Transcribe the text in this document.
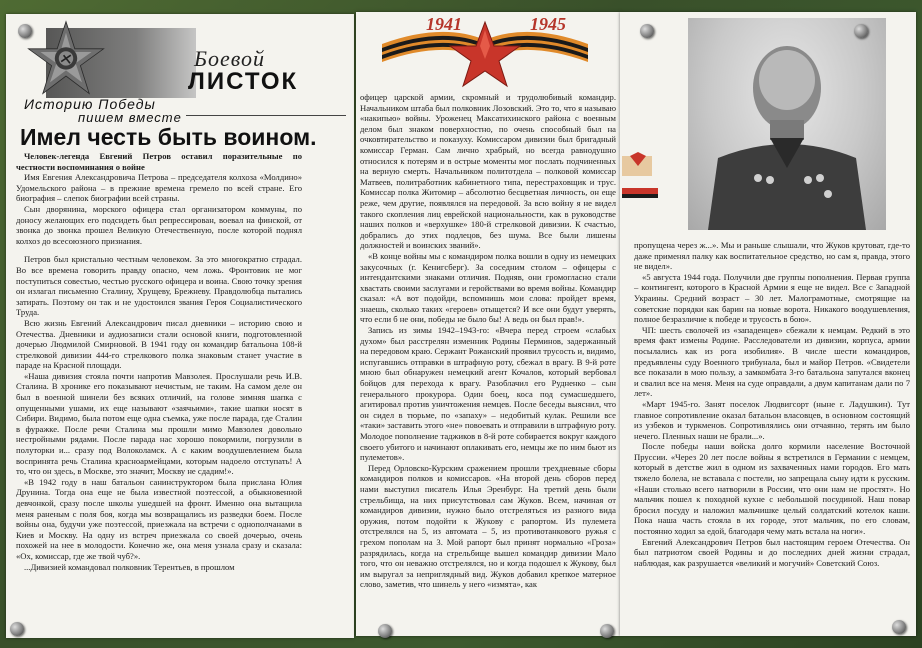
Боевой
ЛИСТОК
Историю Победы
пишем вместе
Имел честь быть воином.

Человек-легенда Евгений Петров оставил поразительные по честности воспоминания о войне

Имя Евгения Александровича Петрова – председателя колхоза «Молдино» Удомельского района – в прежние времена гремело по всей стране. Его биография – слепок биографии всей страны.

Сын дворянина, морского офицера стал организатором коммуны, по доносу желающих его подсидеть был репрессирован, воевал на финской, от звонка до звонка прошел Великую Отечественную, после которой поднял колхоз до всесоюзного признания.

Петров был кристально честным человеком. За это многократно страдал. Во все времена говорить правду опасно, чем ложь. Фронтовик не мог поступиться совестью, честью русского офицера и воина. Свою точку зрения он излагал письменно Сталину, Хрущеву, Брежневу. Правдолюбца пытались затирать. Поэтому он так и не удостоился звания Героя Социалистического Труда.

Всю жизнь Евгений Александрович писал дневники – историю свою и Отечества. Дневники и аудиозаписи стали основой книги, подготовленной дочерью Людмилой Смирновой. В 1941 году он командир батальона 108-й стрелковой дивизии 444-го стрелкового полка знаковым станет участие в параде на Красной площади.

«Наша дивизия стояла почти напротив Мавзолея. Прослушали речь И.В. Сталина. В хронике его показывают нечистым, не таким. На самом деле он был в военной шинели без всяких отличий, на голове зимняя шапка с опущенными ушами, их еще называют «заячьими», такие шапки носят в Сибири. Видимо, была потом еще одна съемка, уже после парада, где Сталин в фуражке. После речи Сталина мы прошли мимо Мавзолея довольно нестройными рядами. После парада нас хорошо покормили, погрузили в полуторки и... сразу под Волоколамск. А с каким воодушевлением была воспринята речь Сталина красноармейцами, которым надоело отступать! А то, что он здесь, в Москве, это значит, Москву не сдадим!».

«В 1942 году в наш батальон санинструктором была прислана Юлия Друнина. Тогда она еще не была известной поэтессой, а обыкновенной девчонкой, сразу после школы ушедшей на фронт. Именно она вытащила меня раненым с поля боя, когда мы возвращались из разведки боем. После войны она, будучи уже поэтессой, приезжала на встречи с однополчанами в Киев и Москву. На одну из встреч приезжала со своей дочерью, очень похожей на нее в молодости. Конечно же, она меня узнала сразу и сказала: «Ох, комиссар, где же твой чуб?».

...Дивизией командовал полковник Терентьев, в прошлом

1941	1945

офицер царской армии, скромный и трудолюбивый командир. Начальником штаба был полковник Лозовский. Это то, что я называю «накипью» войны. Уроженец Максатихинского района с военным делом был знаком поверхностно, по очень способный был на очковтирательство и показуху. Комиссаром дивизии был бригадный комиссар Герман. Сам лично храбрый, но всегда равнодушно относился к потерям и в острые моменты мог послать подчиненных на верную смерть. Начальником политотдела – полковой комиссар Матвеев, политработник кабинетного типа, перестраховщик и трус. Комиссар полка Житомир – абсолютно бесцветная личность, он еще реже, чем другие, появлялся на передовой. За всю войну я не видел такого скопления лиц еврейской национальности, как в руководстве наших полков и «верхушке» 180-й стрелковой дивизии. К счастью, добрались до этих подлецов, без шума. Все были лишены должностей и воинских званий».

«В конце войны мы с командиром полка вошли в одну из немецких закусочных (г. Кенигсберг). За соседним столом – офицеры с интендантскими знаками отличия. Подняв, они громогласно стали хвастать своими заслугами и геройствами во время войны. Командир сказал: «А вот подойди, вспомнишь мои слова: пройдет время, знаешь, сколько таких «героев» отыщется? И все они будут уверять, что если б не они, победы не было бы! А ведь он был прав!».

Запись из зимы 1942–1943-го: «Вчера перед строем «слабых духом» был расстрелян изменник Родины Перминов, задержанный на передовом краю. Сержант Рожанский проявил трусость и, видимо, испугавшись отправки в штрафную роту, сбежал в врагу. В 9-й роте мною был обнаружен немецкий агент Кочалов, который вербовал бойцов для перехода к врагу. Разоблачил его Рудненко – сын генерального прокурора. Один боец, коса под сумасшедшего, агитировал против уничтожения немцев. После беседы выяснил, что он сидел в тюрьме, по «запаху» – недобитый кулак. Решили все «таки» заставить этого «не» повоевать и отправили в штрафную роту. Молодое пополнение таджиков в 8-й роте собирается вокруг каждого своего убитого и начинают оплакивать его, немцы же по ним бьют из пулеметов».

Перед Орловско-Курским сражением прошли трехдневные сборы командиров полков и комиссаров. «На второй день сборов перед нами выступил писатель Илья Эренбург. На третий день были стрельбища, на них присутствовал сам Жуков. Всем, начиная от командиров дивизии, нужно было отстреляться из разного вида оружия, потом подойти к Жукову с рапортом. Из пулемета отстрелялся на 5, из автомата – 5, из противотанкового ружья с грехом пополам на 3. Мой рапорт был принят нормально «Гроза» разрядилась, когда на стрельбище вышел командир дивизии Мало того, что он неважно отстрелялся, но и когда подошел к Жукову, был им выругал за неприглядный вид. Жуков добавил крепкое матерное слово, заметив, что шинель у него «измята», как

пропущена через ж...». Мы и раньше слышали, что Жуков крутоват, где-то даже применял палку как воспитательное средство, но сам я, правда, этого не видел».

«5 августа 1944 года. Получили две группы пополнения. Первая группа – контингент, которого в Красной Армии я еще не видел. Все с Западной Украины. Средний возраст – 30 лет. Малограмотные, смотрящие на советские порядки как барин на новые ворота. Никакого воодушевления, полное безразличие к победе и трусость в бою».

ЧП: шесть сволочей из «западенцев» сбежали к немцам. Редкий в это время факт измены Родине. Расследователи из дивизии, корпуса, армии посылались как из рога изобилия». В числе шести командиров, предъявлены суду Военного трибунала, был и майор Петров. «Свидетели все показали в мою пользу, а замкомбата 3-го батальона запутался вконец и свалил все на меня. Меня на суде оправдали, а двум капитанам дали по 7 лет».

«Март 1945-го. Занят поселок Людвигсорт (ныне г. Ладушкин). Тут главное сопротивление оказал батальон власовцев, в основном состоящий из узбеков и туркменов. Сопротивлялись они отчаянно, терять им было нечего. Пленных наши не брали...».

После победы наши войска долго кормили население Восточной Пруссии. «Через 20 лет после войны я встретился в Германии с немцем, который в детстве жил в одном из захваченных нами городов. Его мать тяжело болела, не вставала с постели, но запрещала сыну идти к русским. «Наши столько всего натворили в России, что они нам не простят». Но мальчик пошел к походной кухне с небольшой посудиной. Наш повар бросил посуду и наложил мальчишке целый солдатский котелок каши. Пока наша часть стояла в их городе, этот мальчик, по его словам, постоянно ходил за едой, благодаря чему мать встала на ноги».

Евгений Александрович Петров был настоящим героем Отечества. Он был патриотом своей Родины и до последних дней жизни страдал, наблюдая, как разрушается «великий и могучий» Советский Союз.
